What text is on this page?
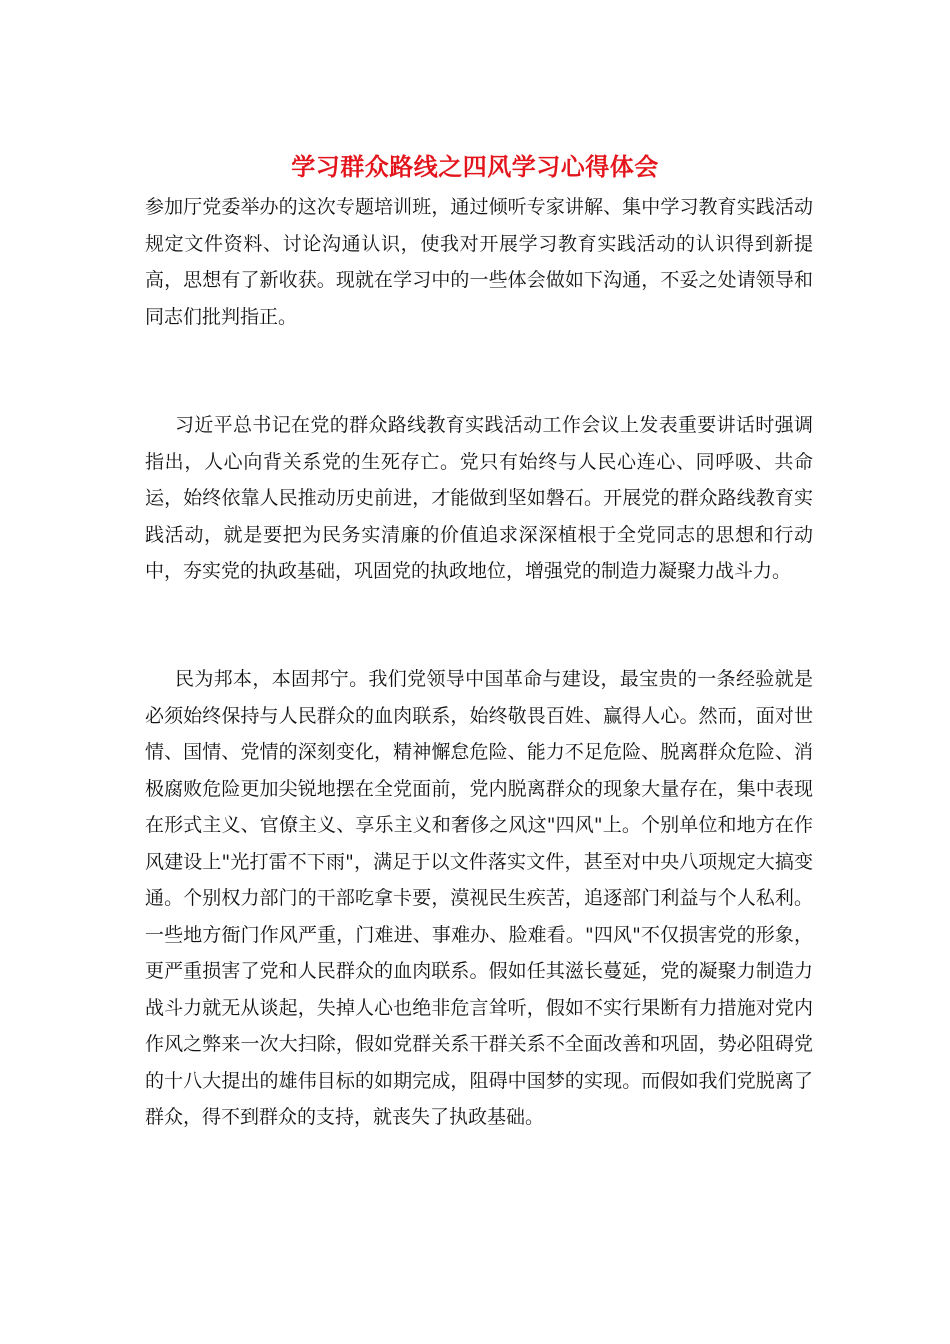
学习群众路线之四风学习心得体会

参加厅党委举办的这次专题培训班，通过倾听专家讲解、集中学习教育实践活动规定文件资料、讨论沟通认识，使我对开展学习教育实践活动的认识得到新提高，思想有了新收获。现就在学习中的一些体会做如下沟通，不妥之处请领导和同志们批判指正。

习近平总书记在党的群众路线教育实践活动工作会议上发表重要讲话时强调指出，人心向背关系党的生死存亡。党只有始终与人民心连心、同呼吸、共命运，始终依靠人民推动历史前进，才能做到坚如磐石。开展党的群众路线教育实践活动，就是要把为民务实清廉的价值追求深深植根于全党同志的思想和行动中，夯实党的执政基础，巩固党的执政地位，增强党的制造力凝聚力战斗力。

民为邦本，本固邦宁。我们党领导中国革命与建设，最宝贵的一条经验就是必须始终保持与人民群众的血肉联系，始终敬畏百姓、赢得人心。然而，面对世情、国情、党情的深刻变化，精神懈怠危险、能力不足危险、脱离群众危险、消极腐败危险更加尖锐地摆在全党面前，党内脱离群众的现象大量存在，集中表现在形式主义、官僚主义、享乐主义和奢侈之风这"四风"上。个别单位和地方在作风建设上"光打雷不下雨"，满足于以文件落实文件，甚至对中央八项规定大搞变通。个别权力部门的干部吃拿卡要，漠视民生疾苦，追逐部门利益与个人私利。一些地方衙门作风严重，门难进、事难办、脸难看。"四风"不仅损害党的形象，更严重损害了党和人民群众的血肉联系。假如任其滋长蔓延，党的凝聚力制造力战斗力就无从谈起，失掉人心也绝非危言耸听，假如不实行果断有力措施对党内作风之弊来一次大扫除，假如党群关系干群关系不全面改善和巩固，势必阻碍党的十八大提出的雄伟目标的如期完成，阻碍中国梦的实现。而假如我们党脱离了群众，得不到群众的支持，就丧失了执政基础。
